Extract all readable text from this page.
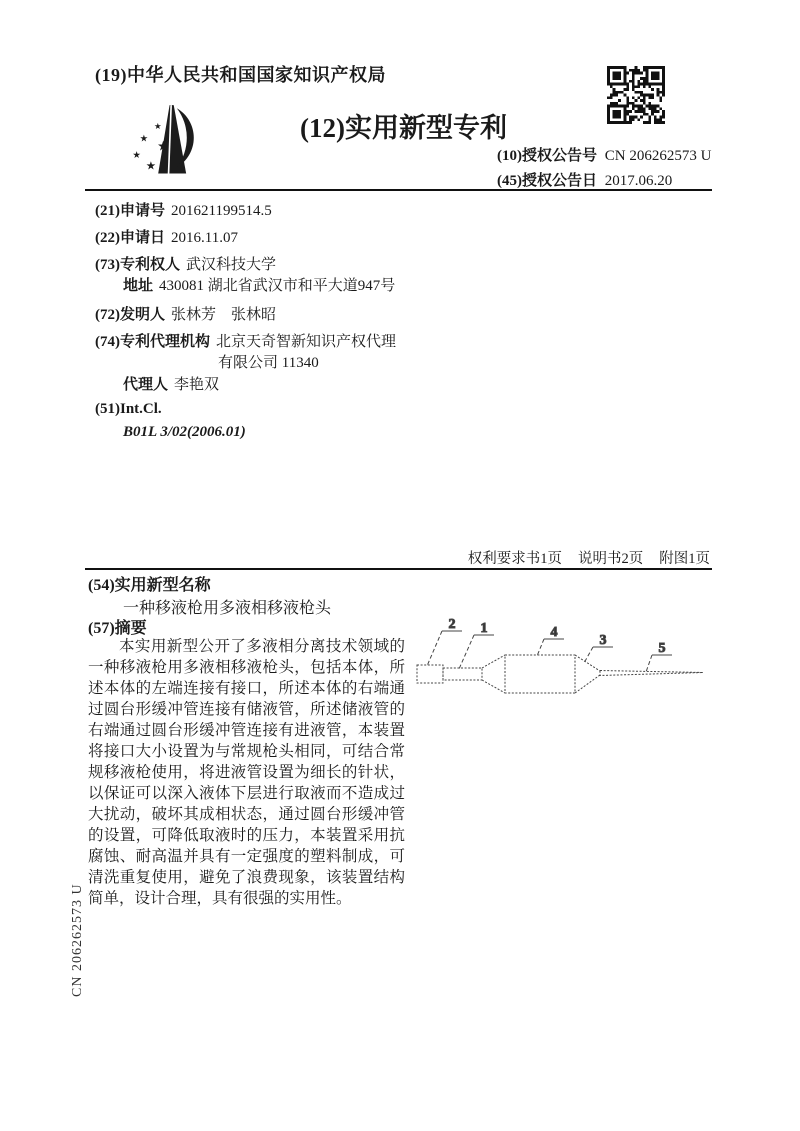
(19)中华人民共和国国家知识产权局
★
★ ★
★
★
(12)实用新型专利
(10)授权公告号 CN 206262573 U
(45)授权公告日 2017.06.20
(21)申请号 201621199514.5
(22)申请日 2016.11.07
(73)专利权人 武汉科技大学
地址 430081 湖北省武汉市和平大道947号
(72)发明人 张林芳　张林昭
(74)专利代理机构 北京天奇智新知识产权代理
有限公司 11340
代理人 李艳双
(51)Int.Cl.
B01L 3/02(2006.01)
权利要求书1页 说明书2页 附图1页
(54)实用新型名称
一种移液枪用多液相移液枪头
(57)摘要
本实用新型公开了多液相分离技术领域的一种移液枪用多液相移液枪头，包括本体，所述本体的左端连接有接口，所述本体的右端通过圆台形缓冲管连接有储液管，所述储液管的右端通过圆台形缓冲管连接有进液管，本装置将接口大小设置为与常规枪头相同，可结合常规移液枪使用，将进液管设置为细长的针状，以保证可以深入液体下层进行取液而不造成过大扰动，破坏其成相状态，通过圆台形缓冲管的设置，可降低取液时的压力，本装置采用抗腐蚀、耐高温并具有一定强度的塑料制成，可清洗重复使用，避免了浪费现象，该装置结构简单，设计合理，具有很强的实用性。
2 1	4
3
5
CN 206262573 U
